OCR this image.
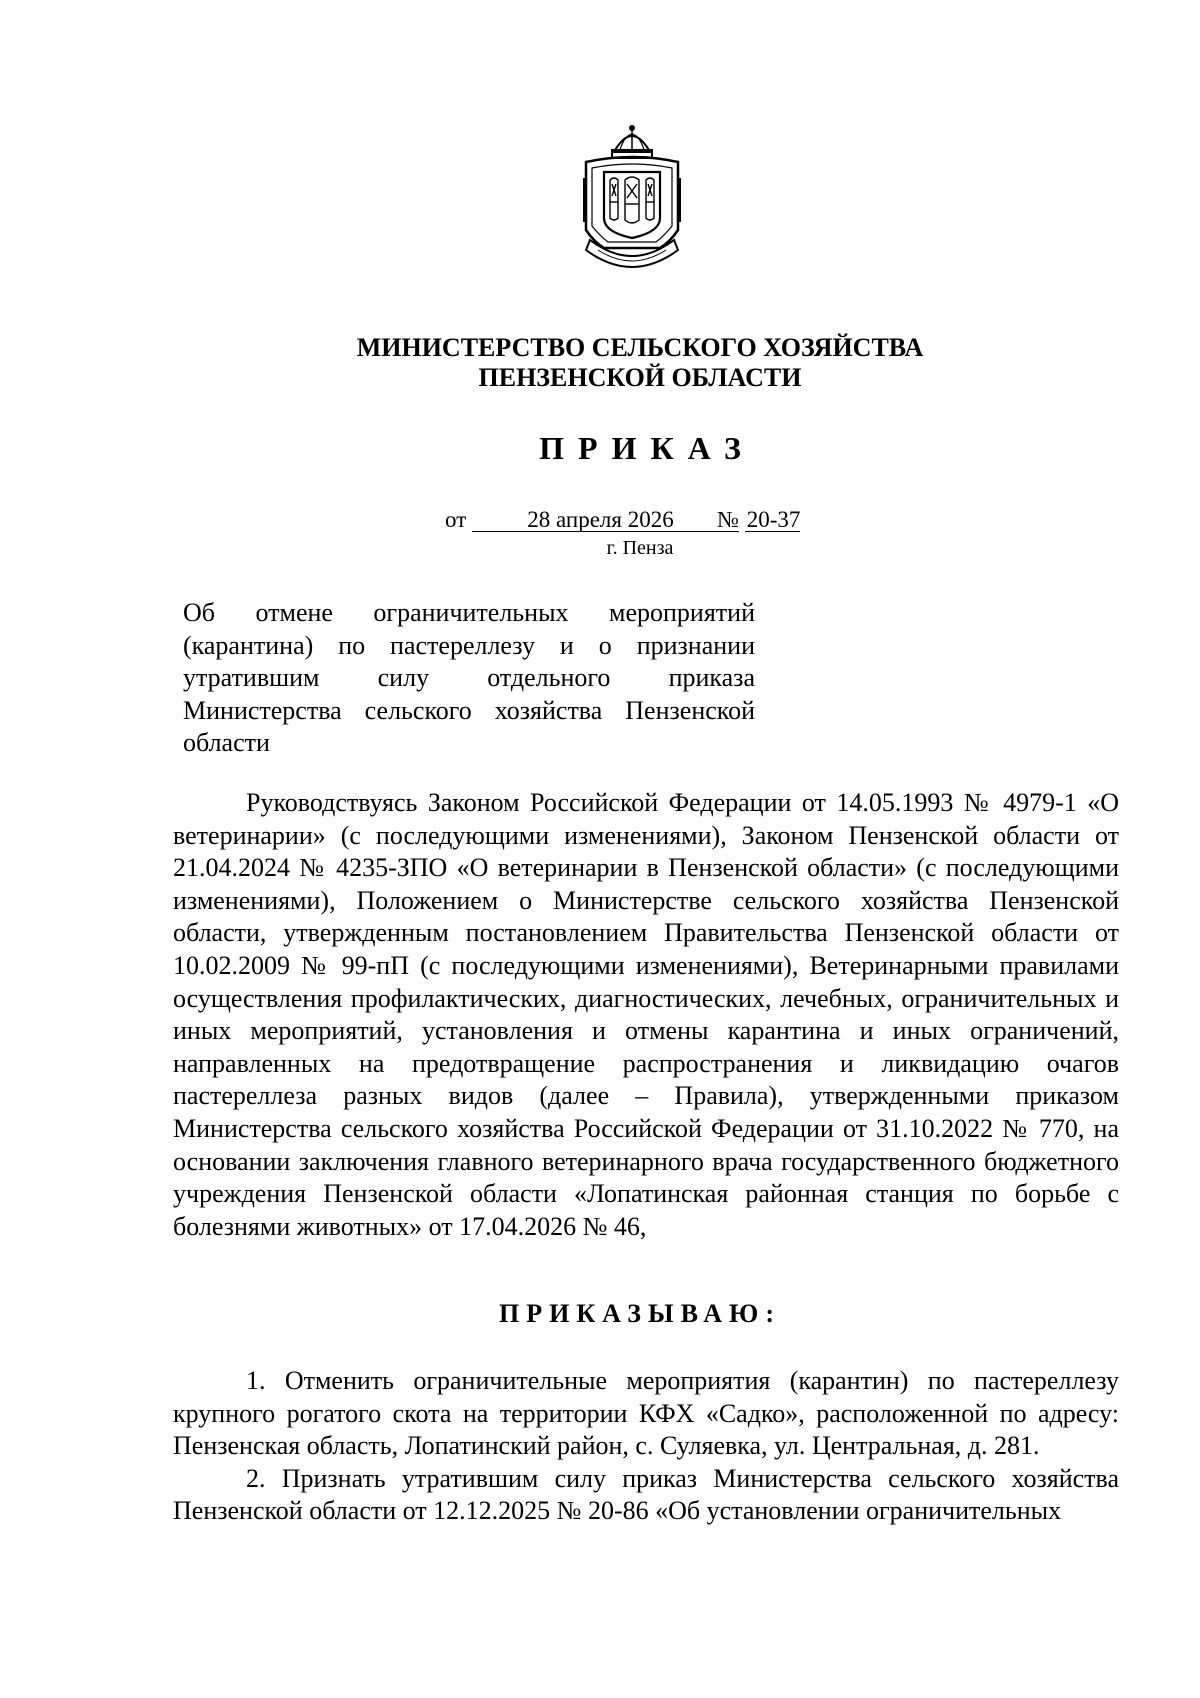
МИНИСТЕРСТВО СЕЛЬСКОГО ХОЗЯЙСТВА
ПЕНЗЕНСКОЙ ОБЛАСТИ
ПРИКАЗ
от	28 апреля 2026 № 20-37
г. Пенза
Об отмене ограничительных мероприятий (карантина) по пастереллезу и о признании утратившим силу отдельного приказа Министерства сельского хозяйства Пензенской области

Руководствуясь Законом Российской Федерации от 14.05.1993 № 4979-1 «О ветеринарии» (с последующими изменениями), Законом Пензенской области от 21.04.2024 № 4235-ЗПО «О ветеринарии в Пензенской области» (с последующими изменениями), Положением о Министерстве сельского хозяйства Пензенской области, утвержденным постановлением Правительства Пензенской области от 10.02.2009 № 99-пП (с последующими изменениями), Ветеринарными правилами осуществления профилактических, диагностических, лечебных, ограничительных и иных мероприятий, установления и отмены карантина и иных ограничений, направленных на предотвращение распространения и ликвидацию очагов пастереллеза разных видов (далее – Правила), утвержденными приказом Министерства сельского хозяйства Российской Федерации от 31.10.2022 № 770, на основании заключения главного ветеринарного врача государственного бюджетного учреждения Пензенской области «Лопатинская районная станция по борьбе с болезнями животных» от 17.04.2026 № 46,

ПРИКАЗЫВАЮ:

1. Отменить ограничительные мероприятия (карантин) по пастереллезу крупного рогатого скота на территории КФХ «Садко», расположенной по адресу: Пензенская область, Лопатинский район, с. Суляевка, ул. Центральная, д. 281.

2. Признать утратившим силу приказ Министерства сельского хозяйства Пензенской области от 12.12.2025 № 20-86 «Об установлении ограничительных
